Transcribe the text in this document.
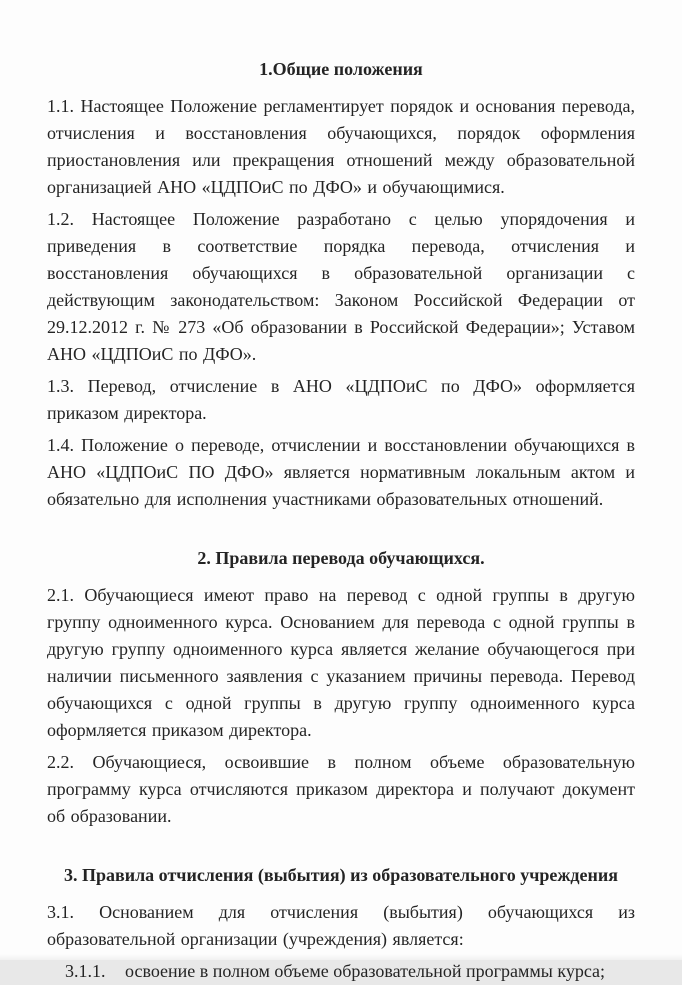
1.Общие положения

1.1. Настоящее Положение регламентирует порядок и основания перевода, отчисления и восстановления обучающихся, порядок оформления приостановления или прекращения отношений между образовательной организацией АНО «ЦДПОиС по ДФО» и обучающимися.

1.2. Настоящее Положение разработано с целью упорядочения и приведения в соответствие порядка перевода, отчисления и восстановления обучающихся в образовательной организации с действующим законодательством: Законом Российской Федерации от 29.12.2012 г. № 273 «Об образовании в Российской Федерации»; Уставом АНО «ЦДПОиС по ДФО».

1.3. Перевод, отчисление в АНО «ЦДПОиС по ДФО» оформляется приказом директора.

1.4. Положение о переводе, отчислении и восстановлении обучающихся в АНО «ЦДПОиС ПО ДФО» является нормативным локальным актом и обязательно для исполнения участниками образовательных отношений.

2. Правила перевода обучающихся.

2.1. Обучающиеся имеют право на перевод с одной группы в другую группу одноименного курса. Основанием для перевода с одной группы в другую группу одноименного курса является желание обучающегося при наличии письменного заявления с указанием причины перевода. Перевод обучающихся с одной группы в другую группу одноименного курса оформляется приказом директора.

2.2. Обучающиеся, освоившие в полном объеме образовательную программу курса отчисляются приказом директора и получают документ об образовании.

3. Правила отчисления (выбытия) из образовательного учреждения

3.1. Основанием для отчисления (выбытия) обучающихся из образовательной организации (учреждения) является:

3.1.1. освоение в полном объеме образовательной программы курса;
